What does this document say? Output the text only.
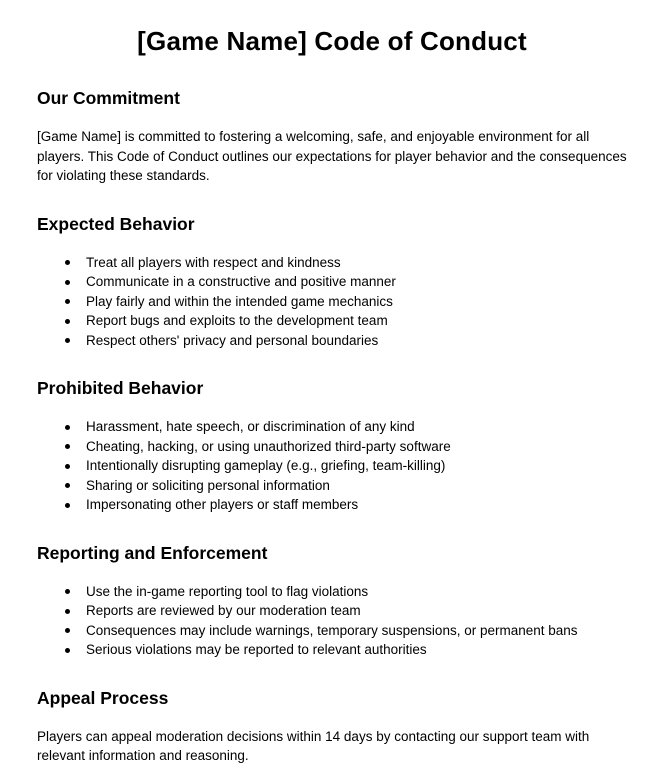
[Game Name] Code of Conduct
Our Commitment

[Game Name] is committed to fostering a welcoming, safe, and enjoyable environment for all players. This Code of Conduct outlines our expectations for player behavior and the consequences for violating these standards.

Expected Behavior
Treat all players with respect and kindness
Communicate in a constructive and positive manner
Play fairly and within the intended game mechanics
Report bugs and exploits to the development team
Respect others' privacy and personal boundaries
Prohibited Behavior
Harassment, hate speech, or discrimination of any kind
Cheating, hacking, or using unauthorized third-party software
Intentionally disrupting gameplay (e.g., griefing, team-killing)
Sharing or soliciting personal information
Impersonating other players or staff members
Reporting and Enforcement
Use the in-game reporting tool to flag violations
Reports are reviewed by our moderation team
Consequences may include warnings, temporary suspensions, or permanent bans
Serious violations may be reported to relevant authorities
Appeal Process

Players can appeal moderation decisions within 14 days by contacting our support team with relevant information and reasoning.
